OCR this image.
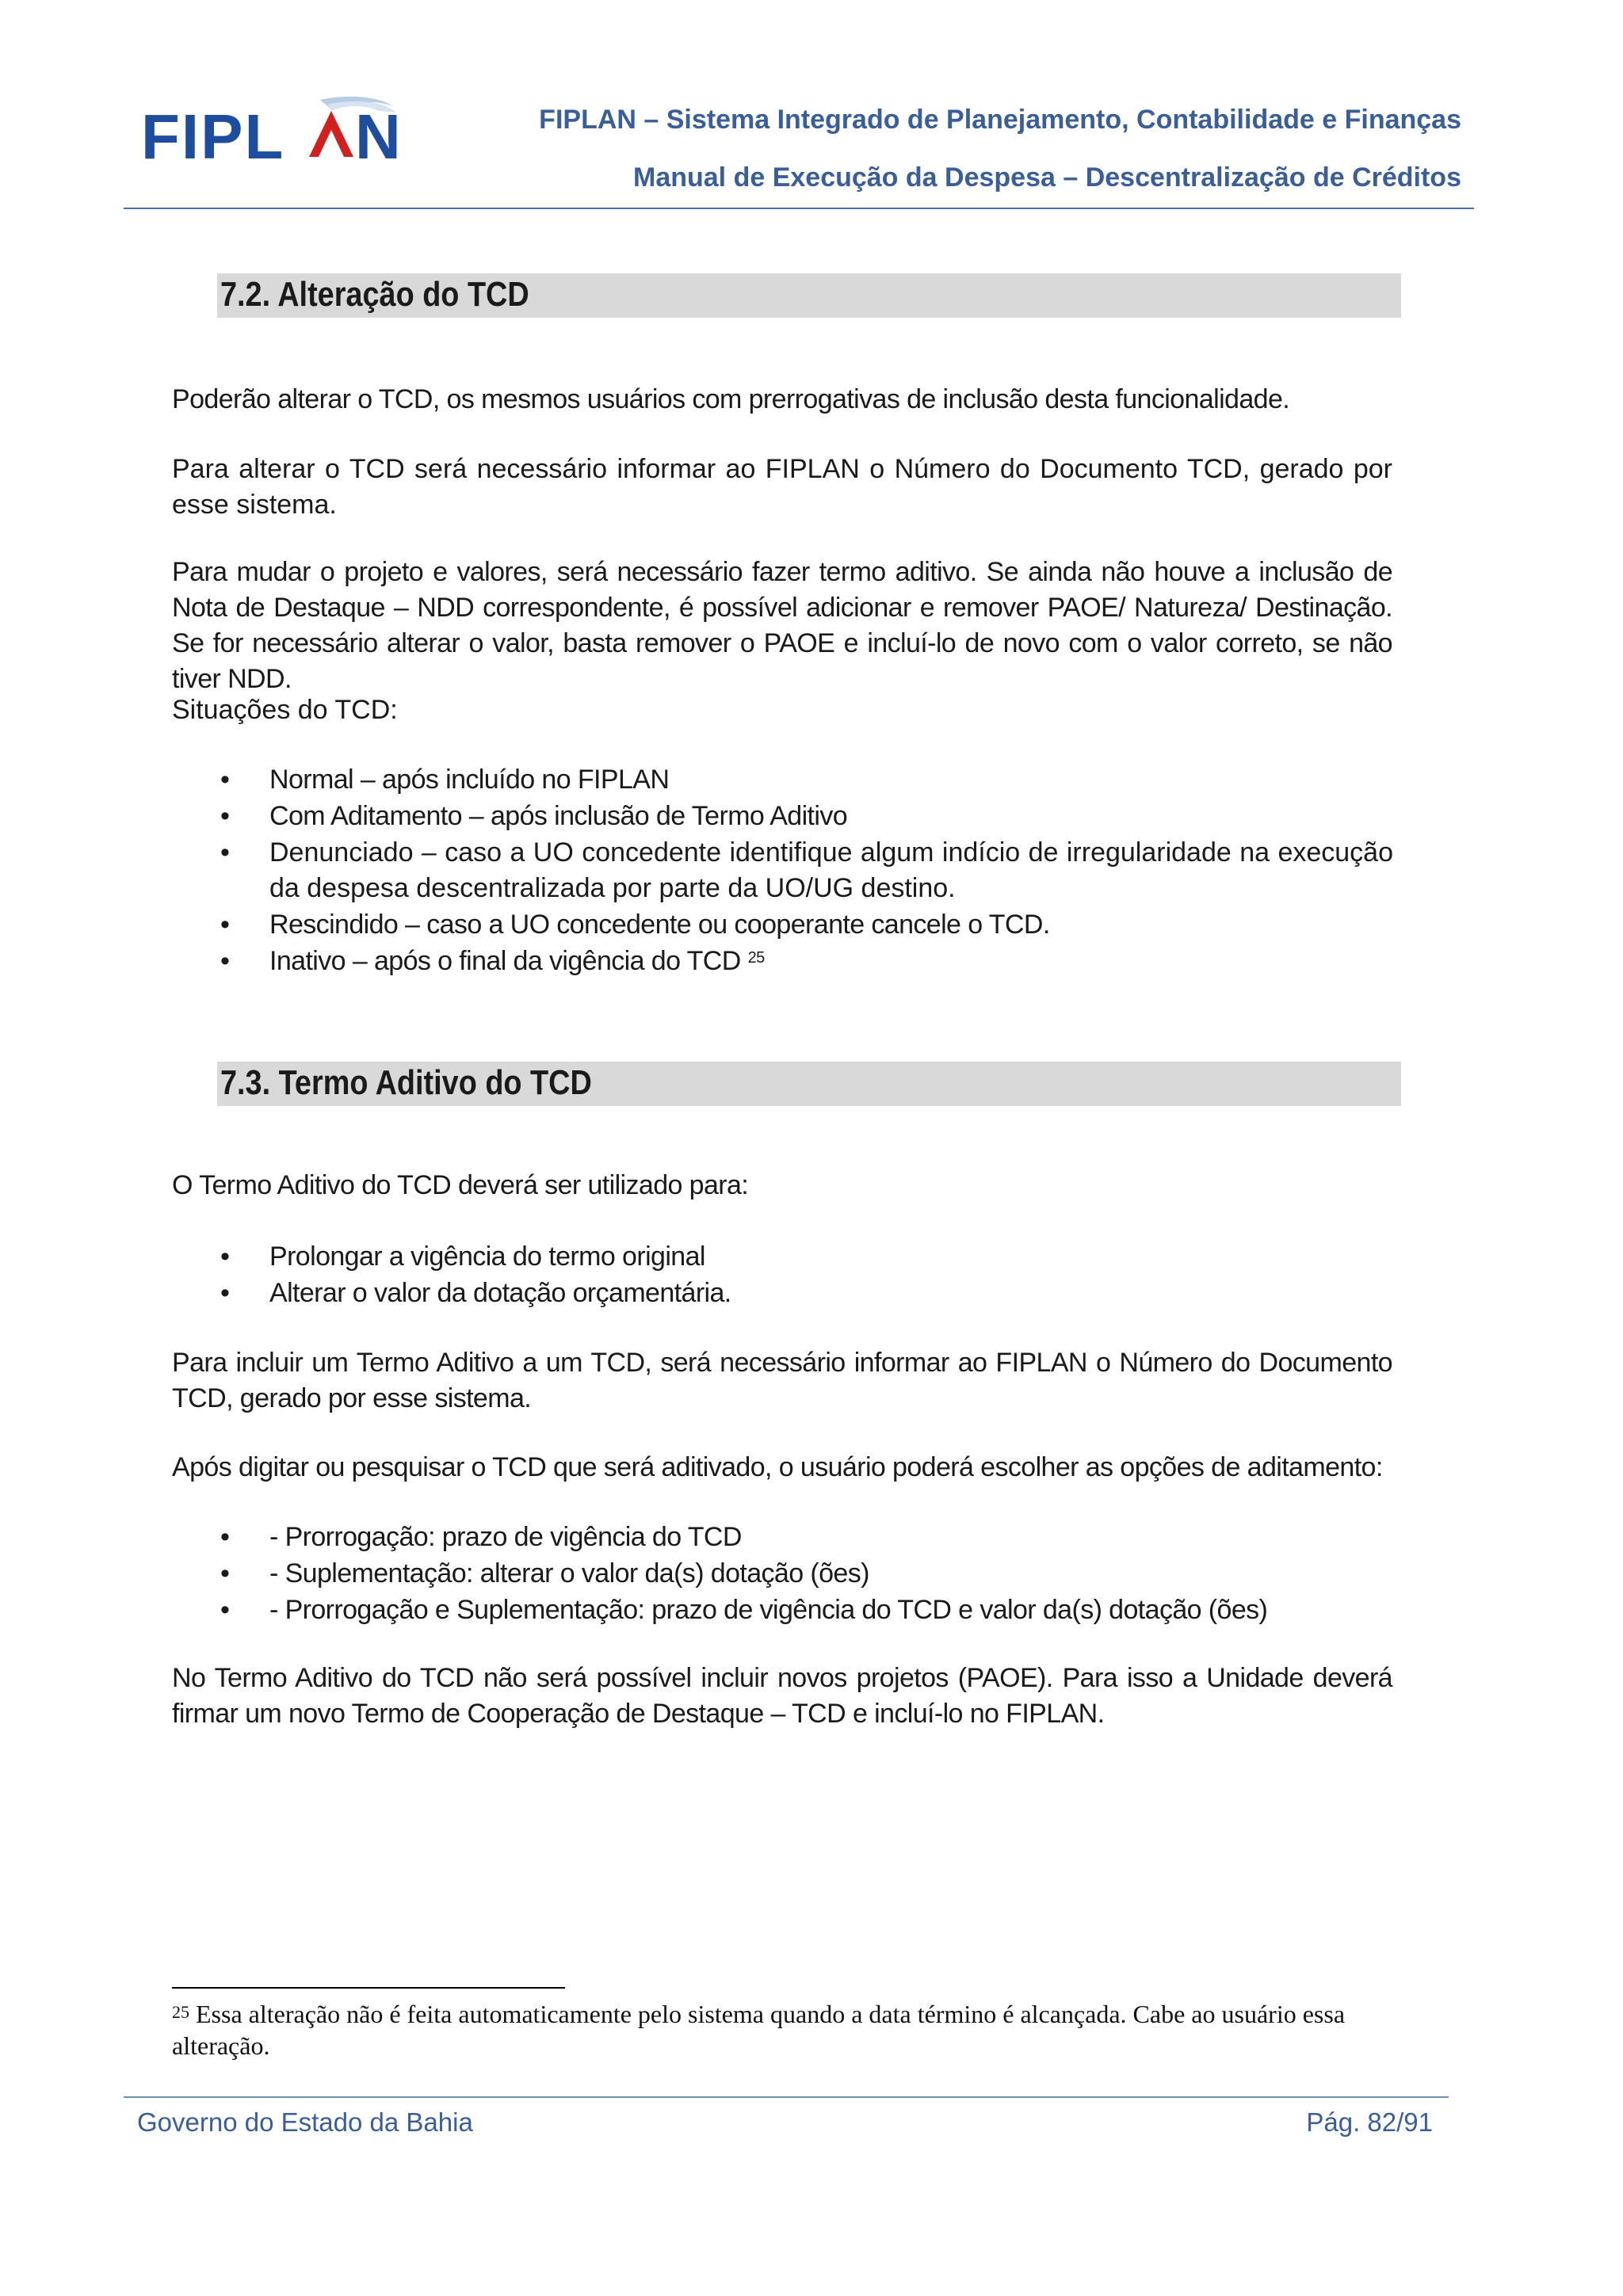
FIPL N	FIPLAN – Sistema Integrado de Planejamento, Contabilidade e Finanças
Manual de Execução da Despesa – Descentralização de Créditos
7.2. Alteração do TCD
Poderão alterar o TCD, os mesmos usuários com prerrogativas de inclusão desta funcionalidade.
Para alterar o TCD será necessário informar ao FIPLAN o Número do Documento TCD, gerado por esse sistema.
Para mudar o projeto e valores, será necessário fazer termo aditivo. Se ainda não houve a inclusão de Nota de Destaque – NDD correspondente, é possível adicionar e remover PAOE/ Natureza/ Destinação. Se for necessário alterar o valor, basta remover o PAOE e incluí-lo de novo com o valor correto, se não tiver NDD.
Situações do TCD:
•	Normal – após incluído no FIPLAN
•	Com Aditamento – após inclusão de Termo Aditivo
•	Denunciado – caso a UO concedente identifique algum indício de irregularidade na execução da despesa descentralizada por parte da UO/UG destino.
•	Rescindido – caso a UO concedente ou cooperante cancele o TCD.
•	Inativo – após o final da vigência do TCD $^{25}$
7.3. Termo Aditivo do TCD
O Termo Aditivo do TCD deverá ser utilizado para:
•	Prolongar a vigência do termo original
•	Alterar o valor da dotação orçamentária.
Para incluir um Termo Aditivo a um TCD, será necessário informar ao FIPLAN o Número do Documento TCD, gerado por esse sistema.
Após digitar ou pesquisar o TCD que será aditivado, o usuário poderá escolher as opções de aditamento:
•	- Prorrogação: prazo de vigência do TCD
•	- Suplementação: alterar o valor da(s) dotação (ões)
•	- Prorrogação e Suplementação: prazo de vigência do TCD e valor da(s) dotação (ões)
No Termo Aditivo do TCD não será possível incluir novos projetos (PAOE). Para isso a Unidade deverá firmar um novo Termo de Cooperação de Destaque – TCD e incluí-lo no FIPLAN.
$^{25}$ Essa alteração não é feita automaticamente pelo sistema quando a data término é alcançada. Cabe ao usuário essa alteração.
Governo do Estado da Bahia	Pág. 82/91
